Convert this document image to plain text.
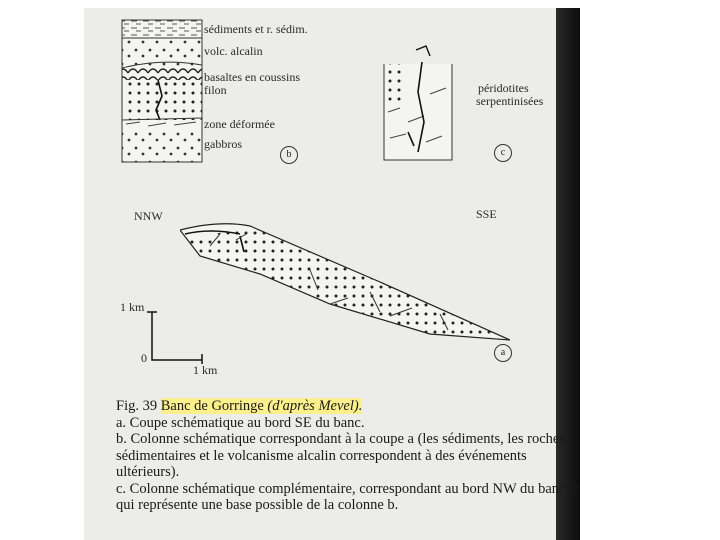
sédiments et r. sédim.
volc. alcalin
basaltes en coussins
filon
zone déformée
gabbros
b
péridotites
serpentinisées
c
NNW	SSE
1 km
0
1 km
a

Fig. 39 Banc de Gorringe (d'après Mevel).

a. Coupe schématique au bord SE du banc.

b. Colonne schématique correspondant à la coupe a (les sédiments, les roches sédimentaires et le volcanisme alcalin correspondent à des événements ultérieurs).

c. Colonne schématique complémentaire, correspondant au bord NW du banc et qui représente une base possible de la colonne b.
